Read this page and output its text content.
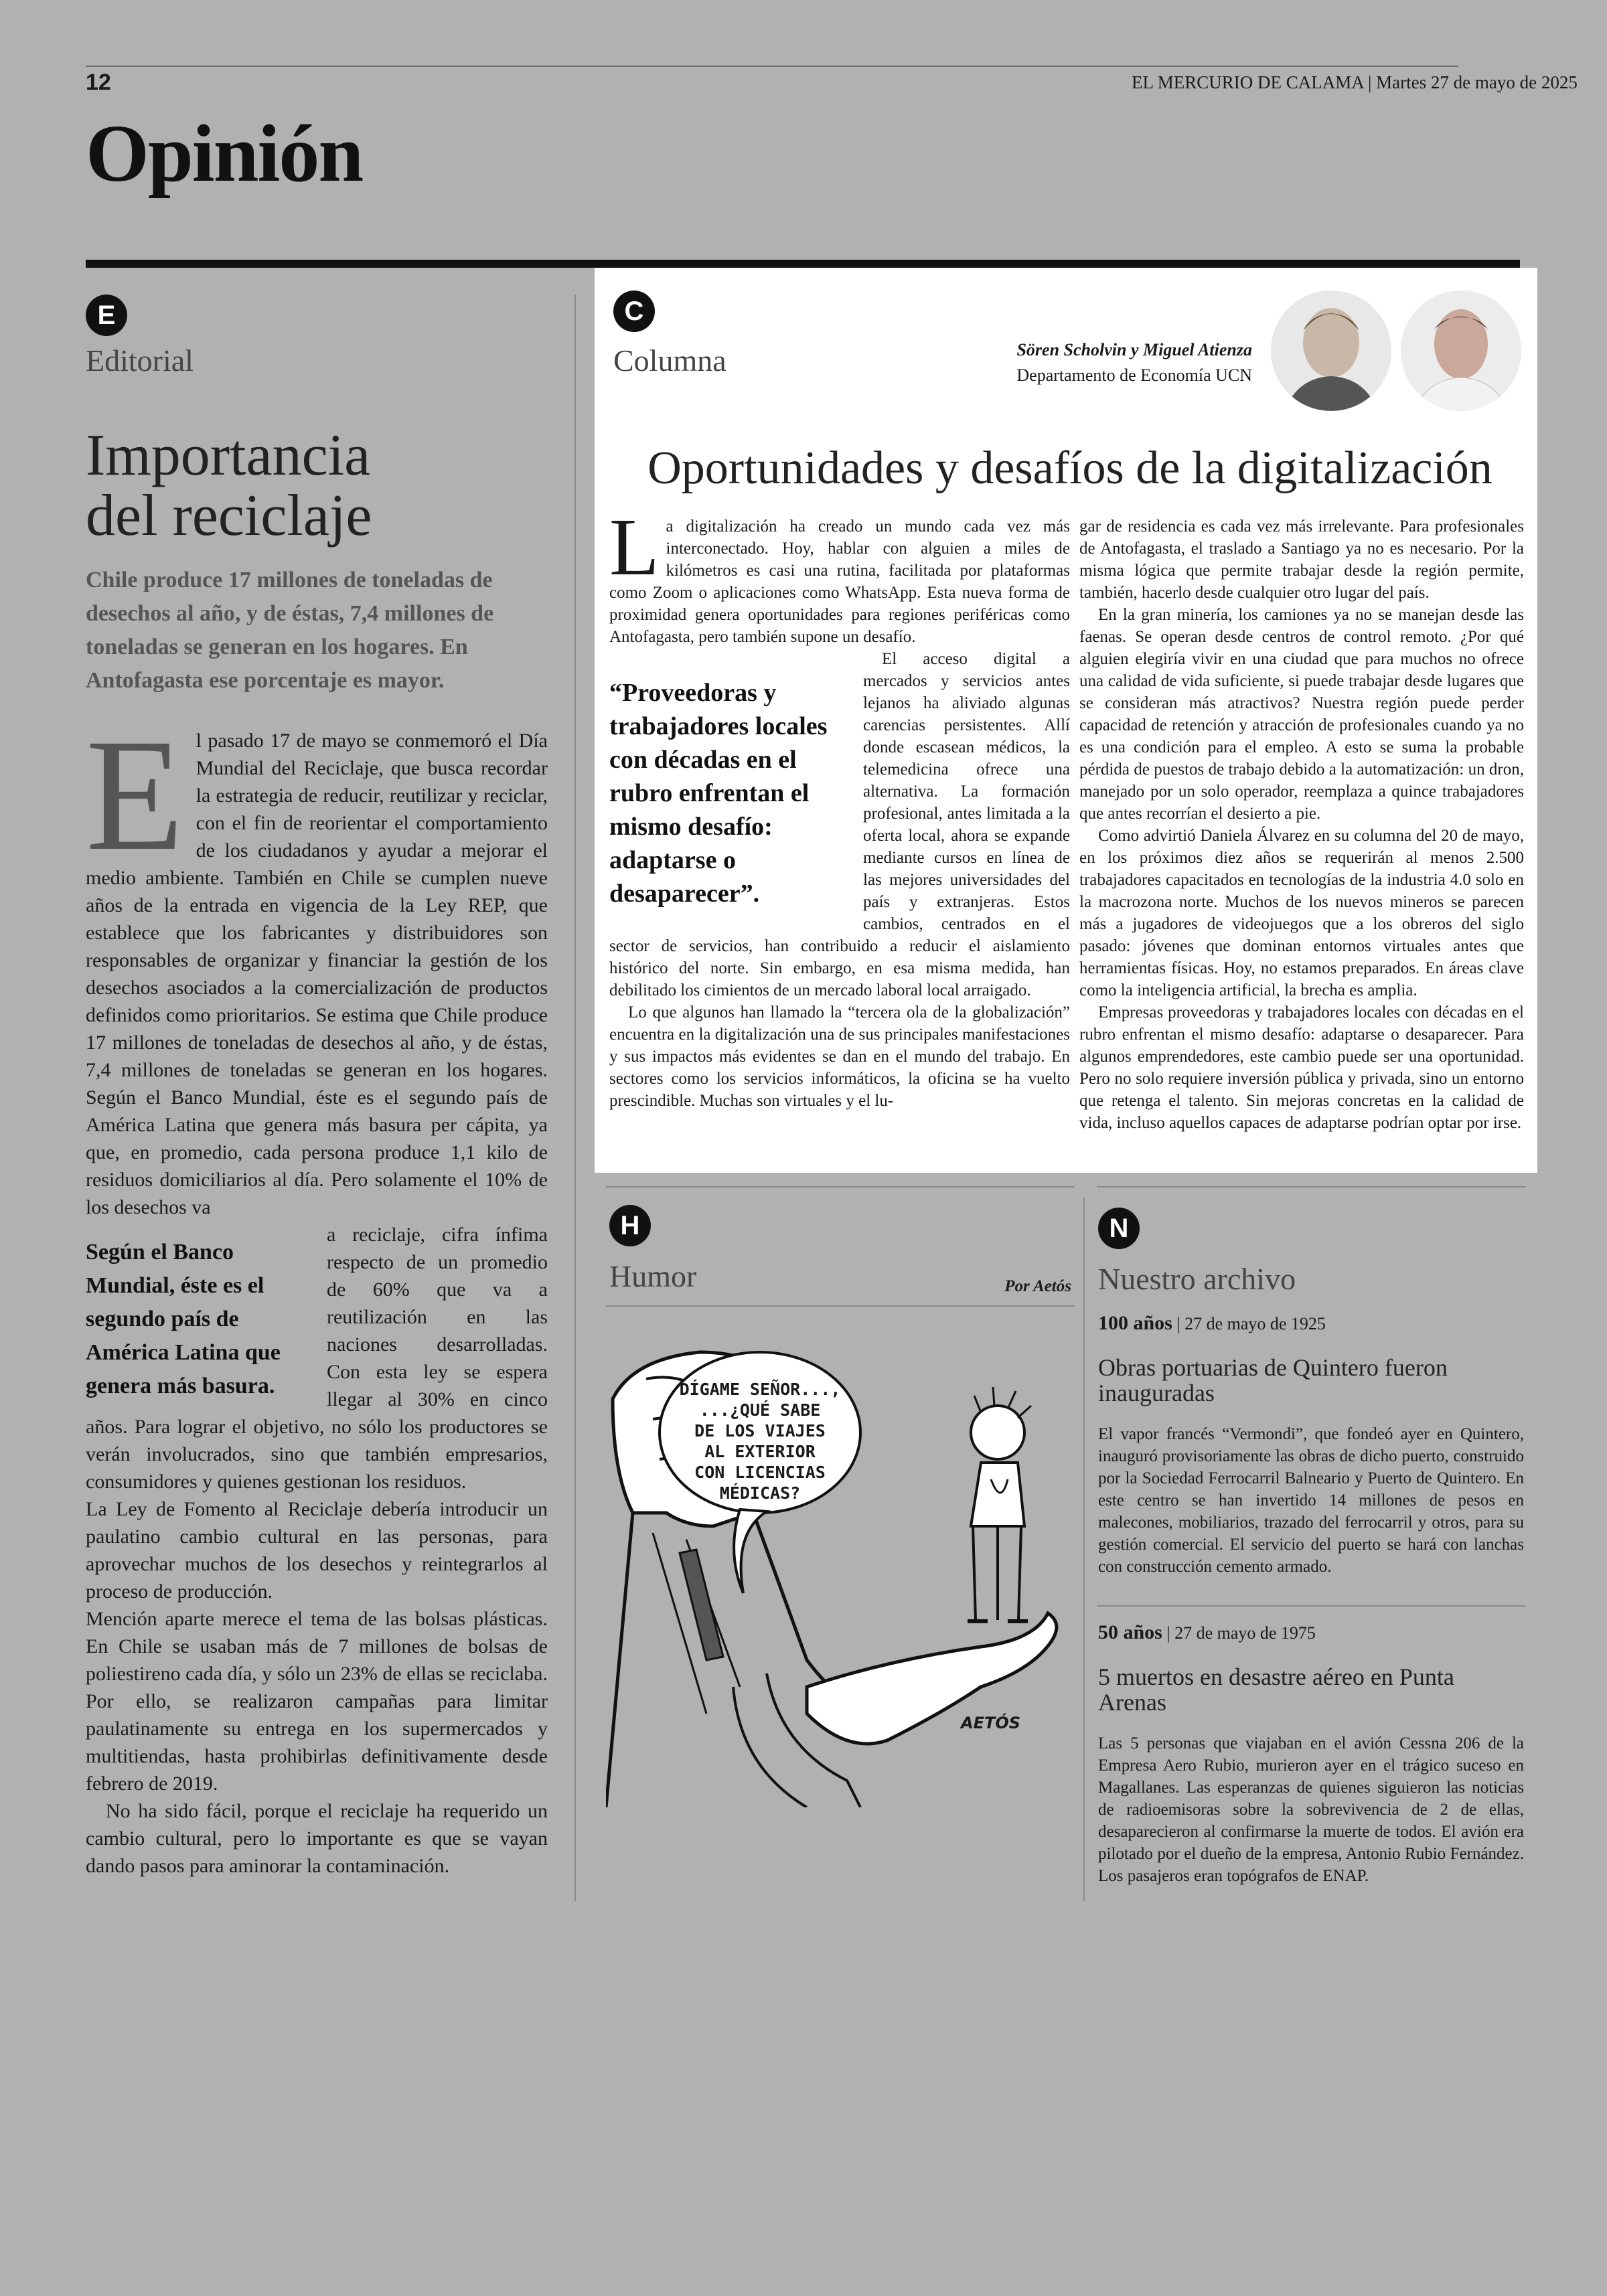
12	EL MERCURIO DE CALAMA | Martes 27 de mayo de 2025
Opinión
E
Editorial
Importancia
del reciclaje
Chile produce 17 millones de toneladas de desechos al año, y de éstas, 7,4 millones de toneladas se generan en los hogares. En Antofagasta ese porcentaje es mayor.

El pasado 17 de mayo se conmemoró el Día Mundial del Reciclaje, que busca recordar la estrategia de reducir, reutilizar y reciclar, con el fin de reorientar el comportamiento de los ciudadanos y ayudar a mejorar el medio ambiente. También en Chile se cumplen nueve años de la entrada en vigencia de la Ley REP, que establece que los fabricantes y distribuidores son responsables de organizar y financiar la gestión de los desechos asociados a la comercialización de productos definidos como prioritarios. Se estima que Chile produce 17 millones de toneladas de desechos al año, y de éstas, 7,4 millones de toneladas se generan en los hogares. Según el Banco Mundial, éste es el segundo país de América Latina que genera más basura per cápita, ya que, en promedio, cada persona produce 1,1 kilo de residuos domiciliarios al día. Pero solamente el 10% de los desechos va

Según el Banco Mundial, éste es el segundo país de América Latina que genera más basura.

a reciclaje, cifra ínfima respecto de un promedio de 60% que va a reutilización en las naciones desarrolladas. Con esta ley se espera llegar al 30% en cinco años. Para lograr el objetivo, no sólo los productores se verán involucrados, sino que también empresarios, consumidores y quienes gestionan los residuos.

La Ley de Fomento al Reciclaje debería introducir un paulatino cambio cultural en las personas, para aprovechar muchos de los desechos y reintegrarlos al proceso de producción.

Mención aparte merece el tema de las bolsas plásticas. En Chile se usaban más de 7 millones de bolsas de poliestireno cada día, y sólo un 23% de ellas se reciclaba. Por ello, se realizaron campañas para limitar paulatinamente su entrega en los supermercados y multitiendas, hasta prohibirlas definitivamente desde febrero de 2019.

No ha sido fácil, porque el reciclaje ha requerido un cambio cultural, pero lo importante es que se vayan dando pasos para aminorar la contaminación.

C
Columna	Sören Scholvin y Miguel Atienza
Departamento de Economía UCN
Oportunidades y desafíos de la digitalización

La digitalización ha creado un mundo cada vez más interconectado. Hoy, hablar con alguien a miles de kilómetros es casi una rutina, facilitada por plataformas como Zoom o aplicaciones como WhatsApp. Esta nueva forma de proximidad genera oportunidades para regiones periféricas como Antofagasta, pero también supone un desafío.

“Proveedoras y trabajadores locales con décadas en el rubro enfrentan el mismo desafío: adaptarse o desaparecer”.

El acceso digital a mercados y servicios antes lejanos ha aliviado algunas carencias persistentes. Allí donde escasean médicos, la telemedicina ofrece una alternativa. La formación profesional, antes limitada a la oferta local, ahora se expande mediante cursos en línea de las mejores universidades del país y extranjeras. Estos cambios, centrados en el sector de servicios, han contribuido a reducir el aislamiento histórico del norte. Sin embargo, en esa misma medida, han debilitado los cimientos de un mercado laboral local arraigado.

Lo que algunos han llamado la “tercera ola de la globalización” encuentra en la digitalización una de sus principales manifestaciones y sus impactos más evidentes se dan en el mundo del trabajo. En sectores como los servicios informáticos, la oficina se ha vuelto prescindible. Muchas son virtuales y el lu-

gar de residencia es cada vez más irrelevante. Para profesionales de Antofagasta, el traslado a Santiago ya no es necesario. Por la misma lógica que permite trabajar desde la región permite, también, hacerlo desde cualquier otro lugar del país.

En la gran minería, los camiones ya no se manejan desde las faenas. Se operan desde centros de control remoto. ¿Por qué alguien elegiría vivir en una ciudad que para muchos no ofrece una calidad de vida suficiente, si puede trabajar desde lugares que se consideran más atractivos? Nuestra región puede perder capacidad de retención y atracción de profesionales cuando ya no es una condición para el empleo. A esto se suma la probable pérdida de puestos de trabajo debido a la automatización: un dron, manejado por un solo operador, reemplaza a quince trabajadores que antes recorrían el desierto a pie.

Como advirtió Daniela Álvarez en su columna del 20 de mayo, en los próximos diez años se requerirán al menos 2.500 trabajadores capacitados en tecnologías de la industria 4.0 solo en la macrozona norte. Muchos de los nuevos mineros se parecen más a jugadores de videojuegos que a los obreros del siglo pasado: jóvenes que dominan entornos virtuales antes que herramientas físicas. Hoy, no estamos preparados. En áreas clave como la inteligencia artificial, la brecha es amplia.

Empresas proveedoras y trabajadores locales con décadas en el rubro enfrentan el mismo desafío: adaptarse o desaparecer. Para algunos emprendedores, este cambio puede ser una oportunidad. Pero no solo requiere inversión pública y privada, sino un entorno que retenga el talento. Sin mejoras concretas en la calidad de vida, incluso aquellos capaces de adaptarse podrían optar por irse.

H
Humor	Por Aetós
DÍGAME SEÑOR...,
...¿QUÉ SABE
DE LOS VIAJES
AL EXTERIOR
CON LICENCIAS
MÉDICAS?
AETÓS
N
Nuestro archivo
100 años | 27 de mayo de 1925
Obras portuarias de Quintero fueron inauguradas
El vapor francés “Vermondi”, que fondeó ayer en Quintero, inauguró provisoriamente las obras de dicho puerto, construido por la Sociedad Ferrocarril Balneario y Puerto de Quintero. En este centro se han invertido 14 millones de pesos en malecones, mobiliarios, trazado del ferrocarril y otros, para su gestión comercial. El servicio del puerto se hará con lanchas con construcción cemento armado.
50 años | 27 de mayo de 1975
5 muertos en desastre aéreo en Punta Arenas
Las 5 personas que viajaban en el avión Cessna 206 de la Empresa Aero Rubio, murieron ayer en el trágico suceso en Magallanes. Las esperanzas de quienes siguieron las noticias de radioemisoras sobre la sobrevivencia de 2 de ellas, desaparecieron al confirmarse la muerte de todos. El avión era pilotado por el dueño de la empresa, Antonio Rubio Fernández. Los pasajeros eran topógrafos de ENAP.
